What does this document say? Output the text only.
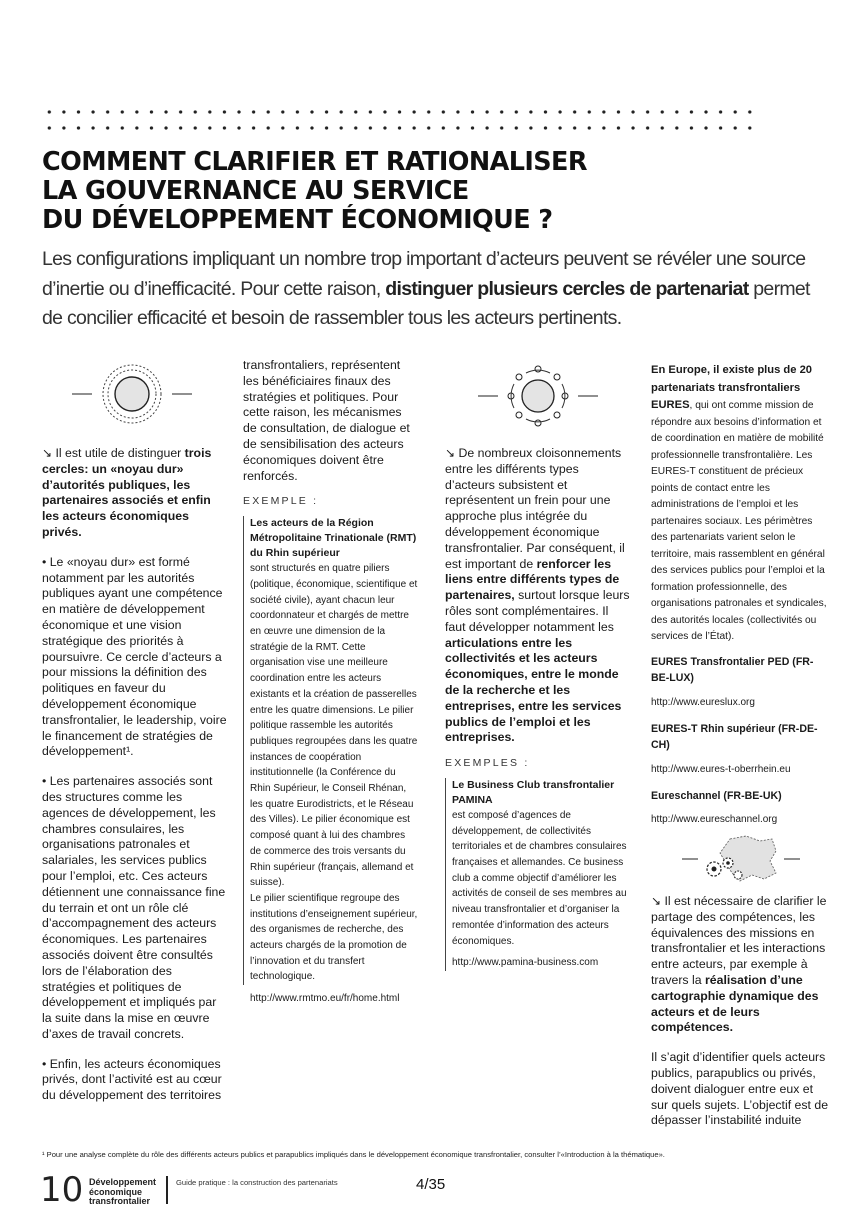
COMMENT CLARIFIER ET RATIONALISER
LA GOUVERNANCE AU SERVICE
DU DÉVELOPPEMENT ÉCONOMIQUE ?

Les configurations impliquant un nombre trop important d’acteurs peuvent se révéler une source d’inertie ou d’inefficacité. Pour cette raison, distinguer plusieurs cercles de partenariat permet de concilier efficacité et besoin de rassembler tous les acteurs pertinents.

↘ Il est utile de distinguer trois cercles: un «noyau dur» d’autorités publiques, les partenaires associés et enfin les acteurs économiques privés.

• Le «noyau dur» est formé notamment par les autorités publiques ayant une compétence en matière de développement économique et une vision stratégique des priorités à poursuivre. Ce cercle d’acteurs a pour missions la définition des politiques en faveur du développement économique transfrontalier, le leadership, voire le financement de stratégies de développement¹.

• Les partenaires associés sont des structures comme les agences de développement, les chambres consulaires, les organisations patronales et salariales, les services publics pour l’emploi, etc. Ces acteurs détiennent une connaissance fine du terrain et ont un rôle clé d’accompagnement des acteurs économiques. Les partenaires associés doivent être consultés lors de l’élaboration des stratégies et politiques de développement et impliqués par la suite dans la mise en œuvre d’axes de travail concrets.

• Enfin, les acteurs économiques privés, dont l’activité est au cœur du développement des territoires

transfrontaliers, représentent les bénéficiaires finaux des stratégies et politiques. Pour cette raison, les mécanismes de consultation, de dialogue et de sensibilisation des acteurs économiques doivent être renforcés.

EXEMPLE :
Les acteurs de la Région Métropolitaine Trinationale (RMT) du Rhin supérieur
sont structurés en quatre piliers (politique, économique, scientifique et société civile), ayant chacun leur coordonnateur et chargés de mettre en œuvre une dimension de la stratégie de la RMT. Cette organisation vise une meilleure coordination entre les acteurs existants et la création de passerelles entre les quatre dimensions. Le pilier politique rassemble les autorités publiques regroupées dans les quatre instances de coopération institutionnelle (la Conférence du Rhin Supérieur, le Conseil Rhénan, les quatre Eurodistricts, et le Réseau des Villes). Le pilier économique est composé quant à lui des chambres de commerce des trois versants du Rhin supérieur (français, allemand et suisse).
Le pilier scientifique regroupe des institutions d’enseignement supérieur, des organismes de recherche, des acteurs chargés de la promotion de l’innovation et du transfert technologique.
http://www.rmtmo.eu/fr/home.html

↘ De nombreux cloisonnements entre les différents types d’acteurs subsistent et représentent un frein pour une approche plus intégrée du développement économique transfrontalier. Par conséquent, il est important de renforcer les liens entre différents types de partenaires, surtout lorsque leurs rôles sont complémentaires. Il faut développer notamment les articulations entre les collectivités et les acteurs économiques, entre le monde de la recherche et les entreprises, entre les services publics de l’emploi et les entreprises.

EXEMPLES :
Le Business Club transfrontalier PAMINA
est composé d’agences de développement, de collectivités territoriales et de chambres consulaires françaises et allemandes. Ce business club a comme objectif d’améliorer les activités de conseil de ses membres au niveau transfrontalier et d’organiser la remontée d’information des acteurs économiques.
http://www.pamina-business.com

En Europe, il existe plus de 20 partenariats transfrontaliers EURES, qui ont comme mission de répondre aux besoins d’information et de coordination en matière de mobilité professionnelle transfrontalière. Les EURES-T constituent de précieux points de contact entre les administrations de l’emploi et les partenaires sociaux. Les périmètres des partenariats varient selon le territoire, mais rassemblent en général des services publics pour l’emploi et la formation professionnelle, des organisations patronales et syndicales, des autorités locales (collectivités ou services de l’État).

EURES Transfrontalier PED (FR-BE-LUX)

http://www.eureslux.org

EURES-T Rhin supérieur (FR-DE-CH)

http://www.eures-t-oberrhein.eu

Eureschannel (FR-BE-UK)

http://www.eureschannel.org

↘ Il est nécessaire de clarifier le partage des compétences, les équivalences des missions en transfrontalier et les interactions entre acteurs, par exemple à travers la réalisation d’une cartographie dynamique des acteurs et de leurs compétences.

Il s’agit d’identifier quels acteurs publics, parapublics ou privés, doivent dialoguer entre eux et sur quels sujets. L’objectif est de dépasser l’instabilité induite

¹ Pour une analyse complète du rôle des différents acteurs publics et parapublics impliqués dans le développement économique transfrontalier, consulter l’«Introduction à la thématique».
10 Développement
économique
transfrontalier
Guide pratique : la construction des partenariats	4/35
